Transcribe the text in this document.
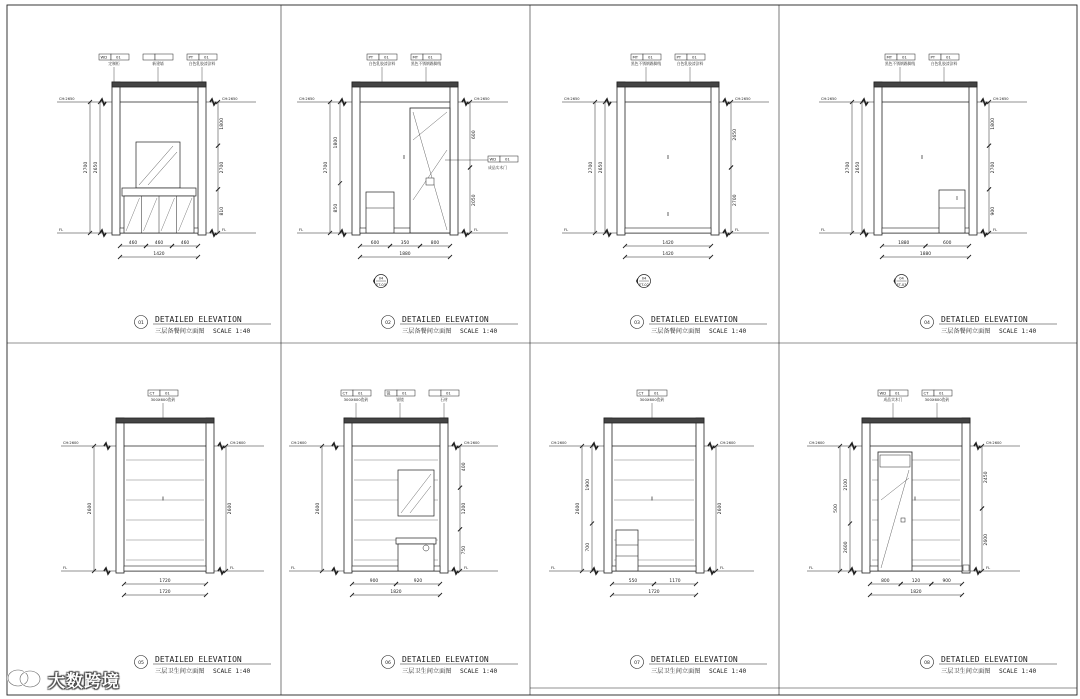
CH:2650	CH:2650
FL	FL
2700 2650
1800
2700
810
460	460	460
1420
WD 01
定制柜	新建墙
PT	01
白色乳胶漆涂料
01 DETAILED ELEVATION
三层备餐间立面图 SCALE 1:40
CH:2650	CH:2650
FL	FL
2700
1800
850
600
2050
600	350	800
1880
PT	01
白色乳胶漆涂料
MT	01
黑色不锈钢踢脚线
WD 01
成品实木门
04
ET-03
02 DETAILED ELEVATION
三层备餐间立面图 SCALE 1:40
CH:2650	CH:2650
FL	FL
2700 2650
2650
2700
1420
1420
MT	01
黑色不锈钢踢脚线
PT	01
白色乳胶漆涂料
04
ET-02
03 DETAILED ELEVATION
三层备餐间立面图 SCALE 1:40
CH:2650	CH:2650
FL	FL
2700 2650
1800
2700
900
1880	600
1880
MT	01
黑色不锈钢踢脚线
PT	01
白色乳胶漆涂料
04
ET-03
04 DETAILED ELEVATION
三层备餐间立面图 SCALE 1:40
CH:2600	CH:2600
FL	FL
2600	2600
1720
1720
CT	01
300X600瓷砖
05 DETAILED ELEVATION
三层卫生间立面图 SCALE 1:40
CH:2600	CH:2600
FL	FL
2600
400
1200
750
900	920
1820
CT	01
300X600瓷砖
镜	01
银镜
01
石材
06 DETAILED ELEVATION
三层卫生间立面图 SCALE 1:40
CH:2600	CH:2600
FL	FL
2600
1900
700
2600
550	1170
1720
CT	01
300X600瓷砖
07 DETAILED ELEVATION
三层卫生间立面图 SCALE 1:40
CH:2600	CH:2600
FL	FL
500
2100
2600
2450
2600
800	120	900
1820
WD 01
成品实木门
CT	01
300X600瓷砖
08 DETAILED ELEVATION
三层卫生间立面图 SCALE 1:40
大数跨境
